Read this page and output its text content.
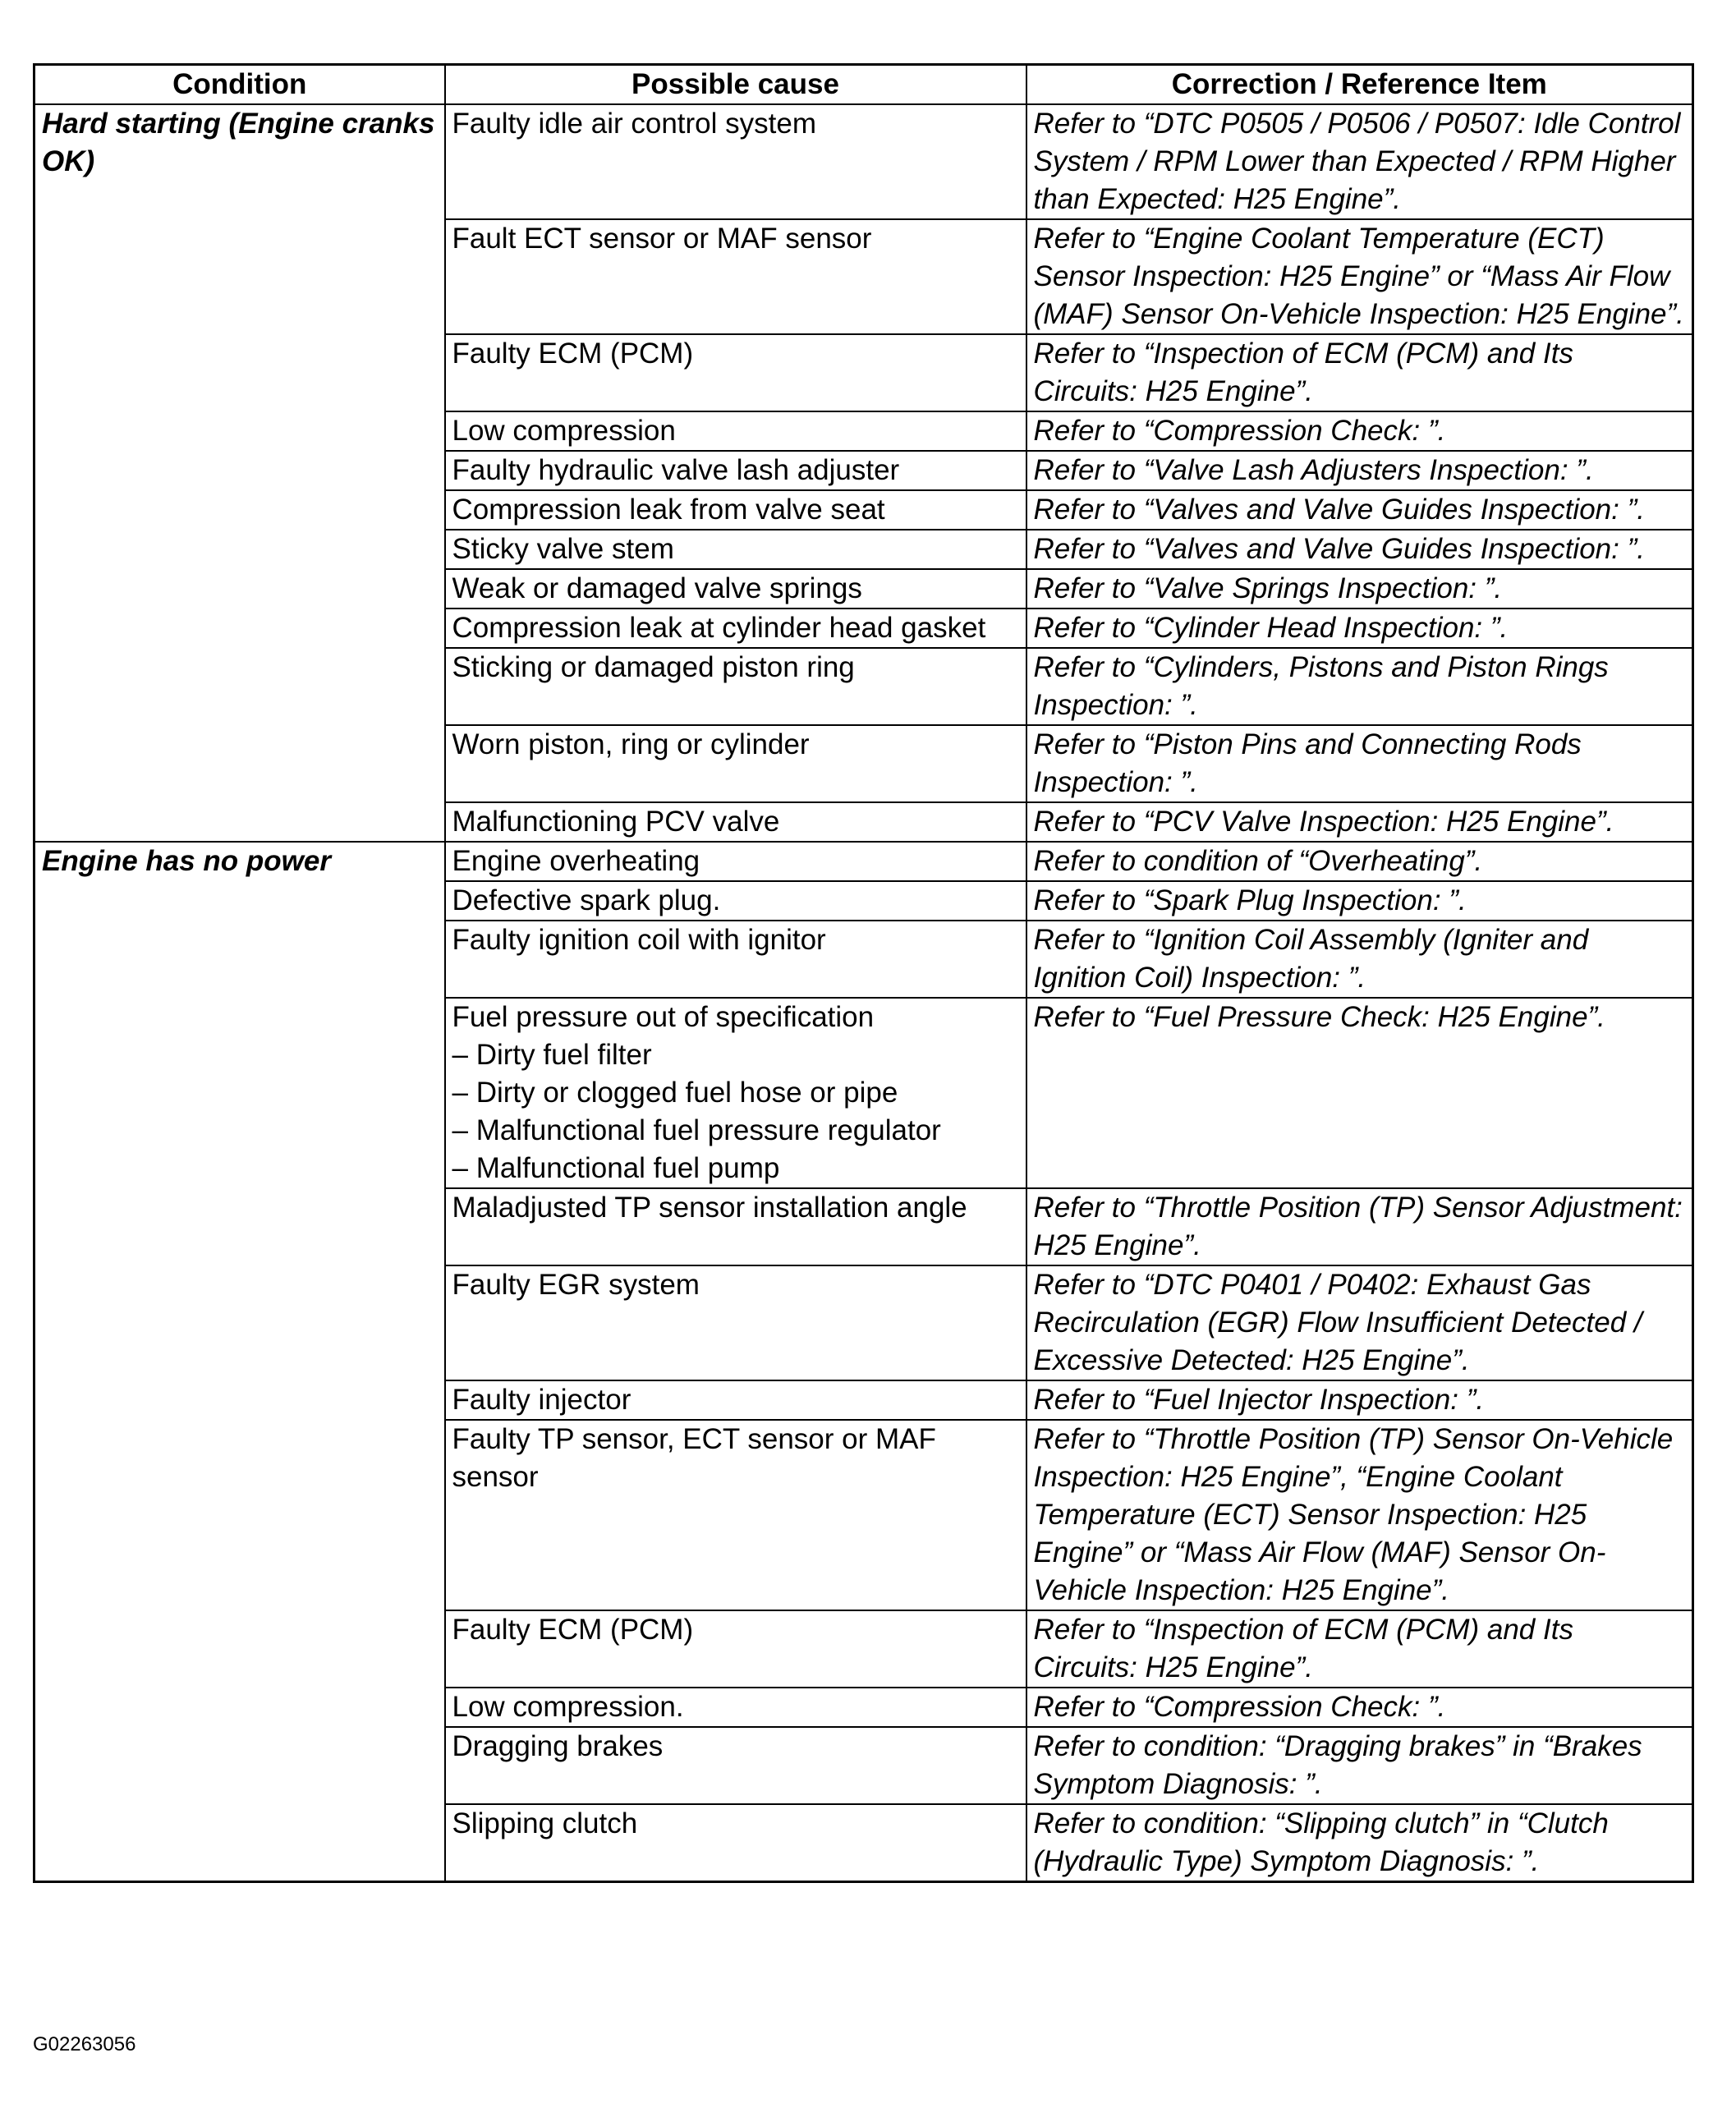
Condition	Possible cause	Correction / Reference Item
Hard starting (Engine cranks OK)	Faulty idle air control system	Refer to “DTC P0505 / P0506 / P0507: Idle Control System / RPM Lower than Expected / RPM Higher than Expected: H25 Engine”.
	Fault ECT sensor or MAF sensor	Refer to “Engine Coolant Temperature (ECT) Sensor Inspection: H25 Engine” or “Mass Air Flow (MAF) Sensor On-Vehicle Inspection: H25 Engine”.
	Faulty ECM (PCM)	Refer to “Inspection of ECM (PCM) and Its Circuits: H25 Engine”.
	Low compression	Refer to “Compression Check: ”.
	Faulty hydraulic valve lash adjuster	Refer to “Valve Lash Adjusters Inspection: ”.
	Compression leak from valve seat	Refer to “Valves and Valve Guides Inspection: ”.
	Sticky valve stem	Refer to “Valves and Valve Guides Inspection: ”.
	Weak or damaged valve springs	Refer to “Valve Springs Inspection: ”.
	Compression leak at cylinder head gasket	Refer to “Cylinder Head Inspection: ”.
	Sticking or damaged piston ring	Refer to “Cylinders, Pistons and Piston Rings Inspection: ”.
	Worn piston, ring or cylinder	Refer to “Piston Pins and Connecting Rods Inspection: ”.
	Malfunctioning PCV valve	Refer to “PCV Valve Inspection: H25 Engine”.
Engine has no power	Engine overheating	Refer to condition of “Overheating”.
	Defective spark plug.	Refer to “Spark Plug Inspection: ”.
	Faulty ignition coil with ignitor	Refer to “Ignition Coil Assembly (Igniter and Ignition Coil) Inspection: ”.

	Fuel pressure out of specification
– Dirty fuel filter
– Dirty or clogged fuel hose or pipe
– Malfunctional fuel pressure regulator
– Malfunctional fuel pump	Refer to “Fuel Pressure Check: H25 Engine”.
	Maladjusted TP sensor installation angle	Refer to “Throttle Position (TP) Sensor Adjustment: H25 Engine”.
	Faulty EGR system	Refer to “DTC P0401 / P0402: Exhaust Gas Recirculation (EGR) Flow Insufficient Detected / Excessive Detected: H25 Engine”.
	Faulty injector	Refer to “Fuel Injector Inspection: ”.
	Faulty TP sensor, ECT sensor or MAF sensor	Refer to “Throttle Position (TP) Sensor On-Vehicle Inspection: H25 Engine”, “Engine Coolant Temperature (ECT) Sensor Inspection: H25 Engine” or “Mass Air Flow (MAF) Sensor On-Vehicle Inspection: H25 Engine”.
	Faulty ECM (PCM)	Refer to “Inspection of ECM (PCM) and Its Circuits: H25 Engine”.
	Low compression.	Refer to “Compression Check: ”.
	Dragging brakes	Refer to condition: “Dragging brakes” in “Brakes Symptom Diagnosis: ”.
	Slipping clutch	Refer to condition: “Slipping clutch” in “Clutch (Hydraulic Type) Symptom Diagnosis: ”.
G02263056
